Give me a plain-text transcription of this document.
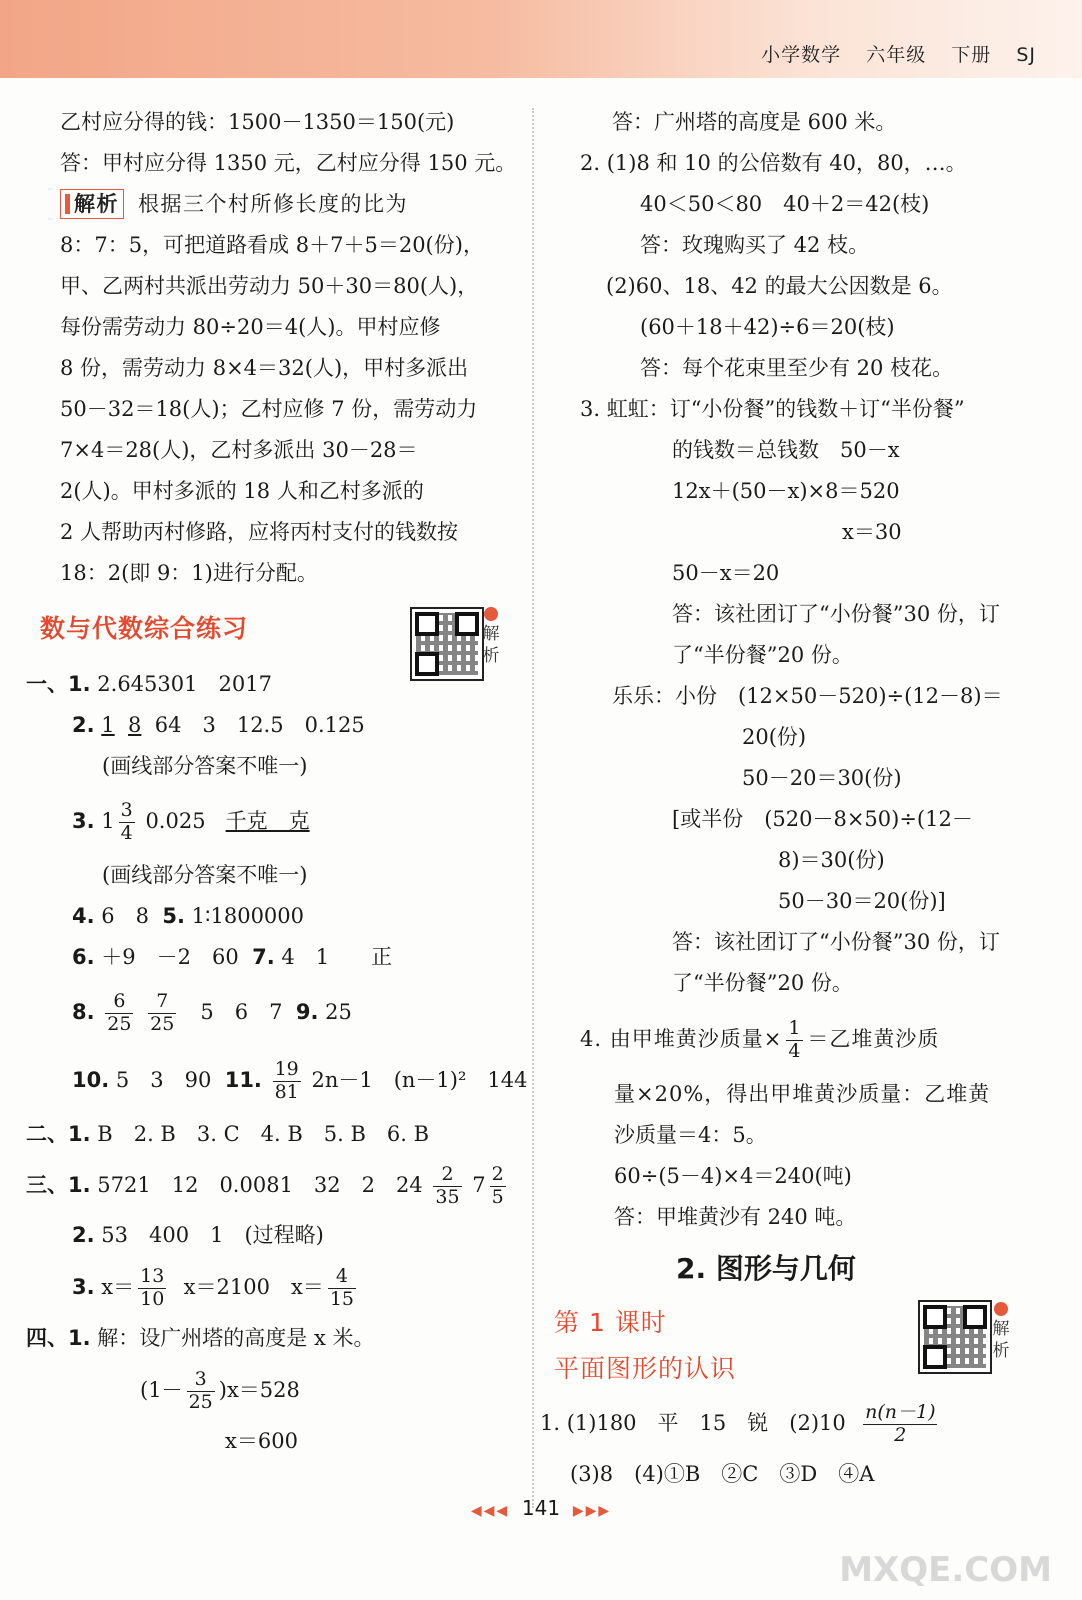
小学数学 六年级 下册 SJ
乙村应分得的钱：1500－1350＝150(元)
答：甲村应分得 1350 元，乙村应分得 150 元。
解析 根据三个村所修长度的比为
8：7：5，可把道路看成 8＋7＋5＝20(份)，
甲、乙两村共派出劳动力 50＋30＝80(人)，
每份需劳动力 80÷20＝4(人)。甲村应修
8 份，需劳动力 8×4＝32(人)，甲村多派出
50－32＝18(人)；乙村应修 7 份，需劳动力
7×4＝28(人)，乙村多派出 30－28＝
2(人)。甲村多派的 18 人和乙村多派的
2 人帮助丙村修路，应将丙村支付的钱数按
18：2(即 9：1)进行分配。
数与代数综合练习	解析
一、1. 2.645301　2017
2. 1 8 64　3　12.5　0.125
(画线部分答案不唯一)
3. $1 \frac{3}{4} 0.025$ 千克　克
(画线部分答案不唯一)
4. 6　8 5. 1∶1800000
6. ＋9　－2　60 7. 4　1　　正
8. $\frac{6}{25}$
$\frac{7}{25} 5$　6　7 9. 25
10. 5　3　90 11. $\frac{19}{81} 2n-1$　(n－1)²　144
二、1. B　2. B　3. C　4. B　5. B　6. B
三、1. 5721　12　0.0081　32　2　$24 \frac{2}{35} 7 \frac{2}{5}$
2. 53　400　1　(过程略)
3. $x= \frac{13}{10} x=2100$　$x= \frac{4}{15}$
四、1. 解：设广州塔的高度是 x 米。
$(1- \frac{3}{25} )x=528$
x＝600
答：广州塔的高度是 600 米。
2. (1)8 和 10 的公倍数有 40，80，…。
40＜50＜80　40＋2＝42(枝)
答：玫瑰购买了 42 枝。
(2)60、18、42 的最大公因数是 6。
(60＋18＋42)÷6＝20(枝)
答：每个花束里至少有 20 枝花。
3. 虹虹：订“小份餐”的钱数＋订“半份餐”
的钱数＝总钱数　50－x
12x＋(50－x)×8＝520
x＝30
50－x＝20
答：该社团订了“小份餐”30 份，订
了“半份餐”20 份。
乐乐：小份　(12×50－520)÷(12－8)＝
20(份)
50－20＝30(份)
[或半份　(520－8×50)÷(12－
8)＝30(份)
50－30＝20(份)]
答：该社团订了“小份餐”30 份，订
了“半份餐”20 份。
4. 由甲堆黄沙质量× $\frac{1}{4}$ ＝乙堆黄沙质
量×20%，得出甲堆黄沙质量：乙堆黄
沙质量＝4：5。
60÷(5－4)×4＝240(吨)
答：甲堆黄沙有 240 吨。
2. 图形与几何
第 1 课时
平面图形的认识
1. (1)180　平　15　锐　$(2)10 \frac{n(n-1)}{2}$
(3)8　(4)①B　②C　③D　④A
解析
◀◀◀ 141 ▶▶▶
MXQE.COM
